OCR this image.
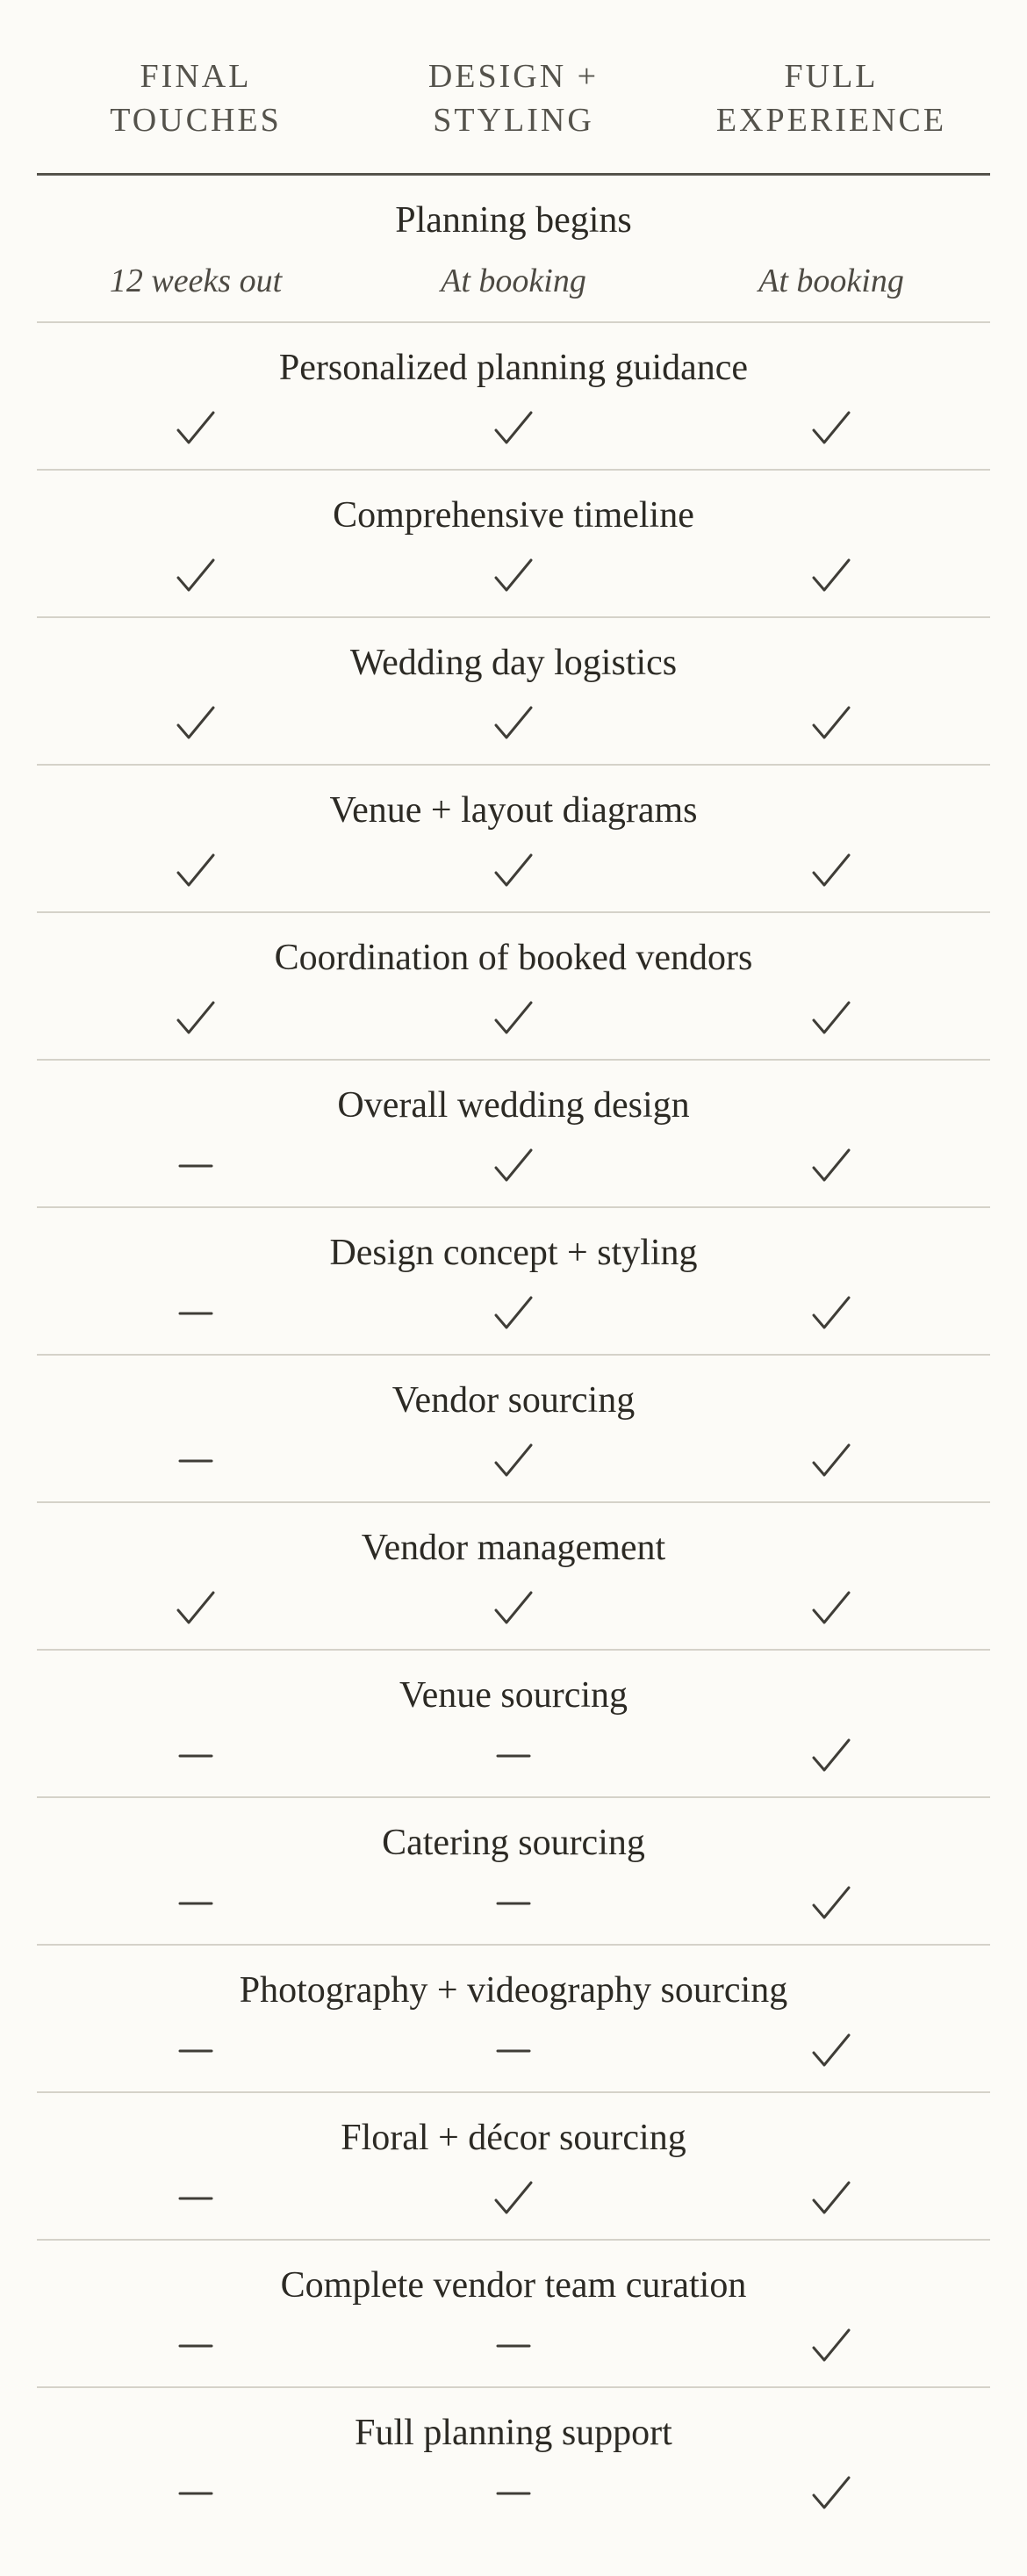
FINAL
TOUCHES
DESIGN +
STYLING
FULL
EXPERIENCE
Planning begins
12 weeks out	At booking	At booking
Personalized planning guidance
Comprehensive timeline
Wedding day logistics
Venue + layout diagrams
Coordination of booked vendors
Overall wedding design
Design concept + styling
Vendor sourcing
Vendor management
Venue sourcing
Catering sourcing
Photography + videography sourcing
Floral + décor sourcing
Complete vendor team curation
Full planning support
